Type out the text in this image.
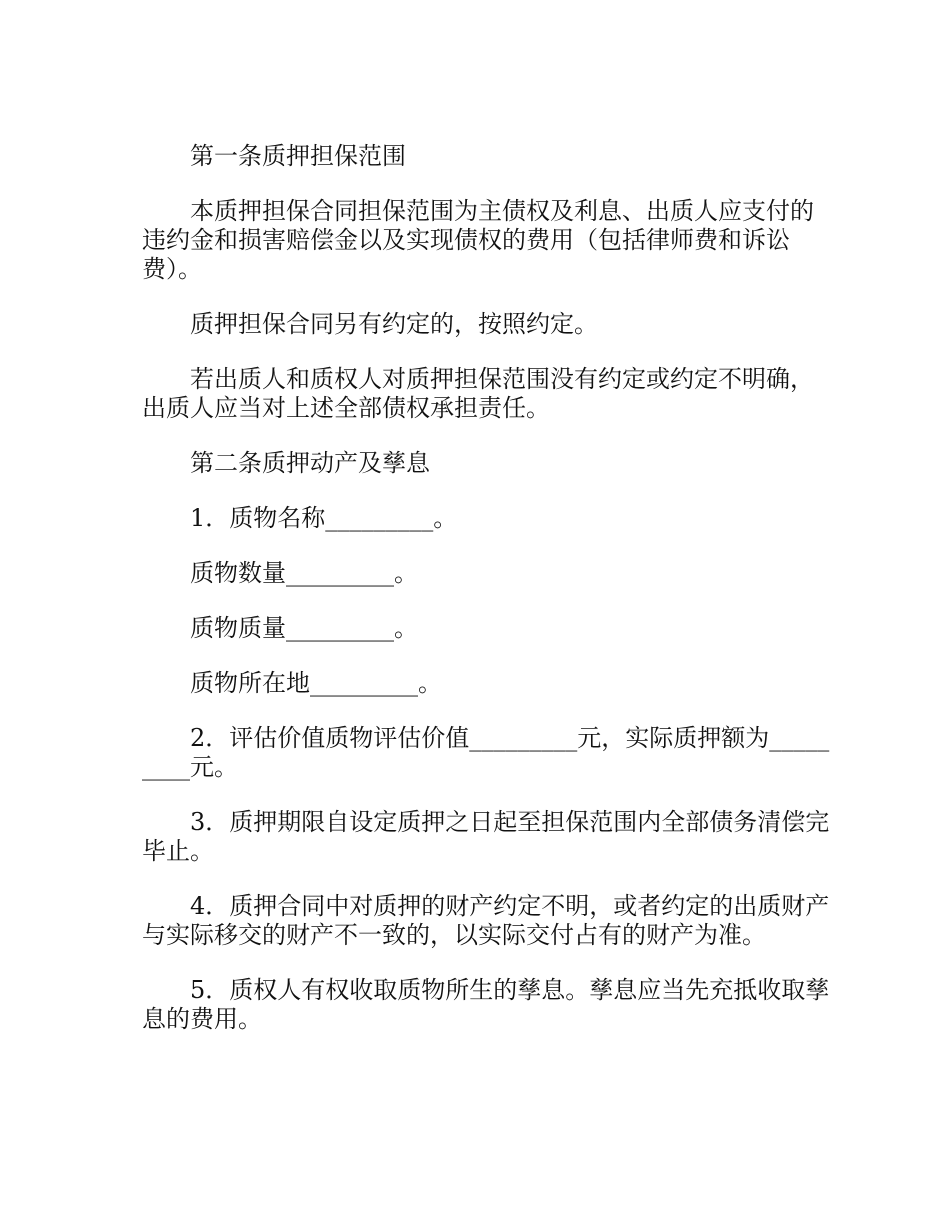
第一条质押担保范围

本质押担保合同担保范围为主债权及利息、出质人应支付的违约金和损害赔偿金以及实现债权的费用（包括律师费和诉讼费）。

质押担保合同另有约定的，按照约定。

若出质人和质权人对质押担保范围没有约定或约定不明确，出质人应当对上述全部债权承担责任。

第二条质押动产及孳息

1．质物名称_________。

质物数量_________。

质物质量_________。

质物所在地_________。

2．评估价值质物评估价值_________元，实际质押额为_________元。

3．质押期限自设定质押之日起至担保范围内全部债务清偿完毕止。

4．质押合同中对质押的财产约定不明，或者约定的出质财产与实际移交的财产不一致的，以实际交付占有的财产为准。

5．质权人有权收取质物所生的孳息。孳息应当先充抵收取孳息的费用。
